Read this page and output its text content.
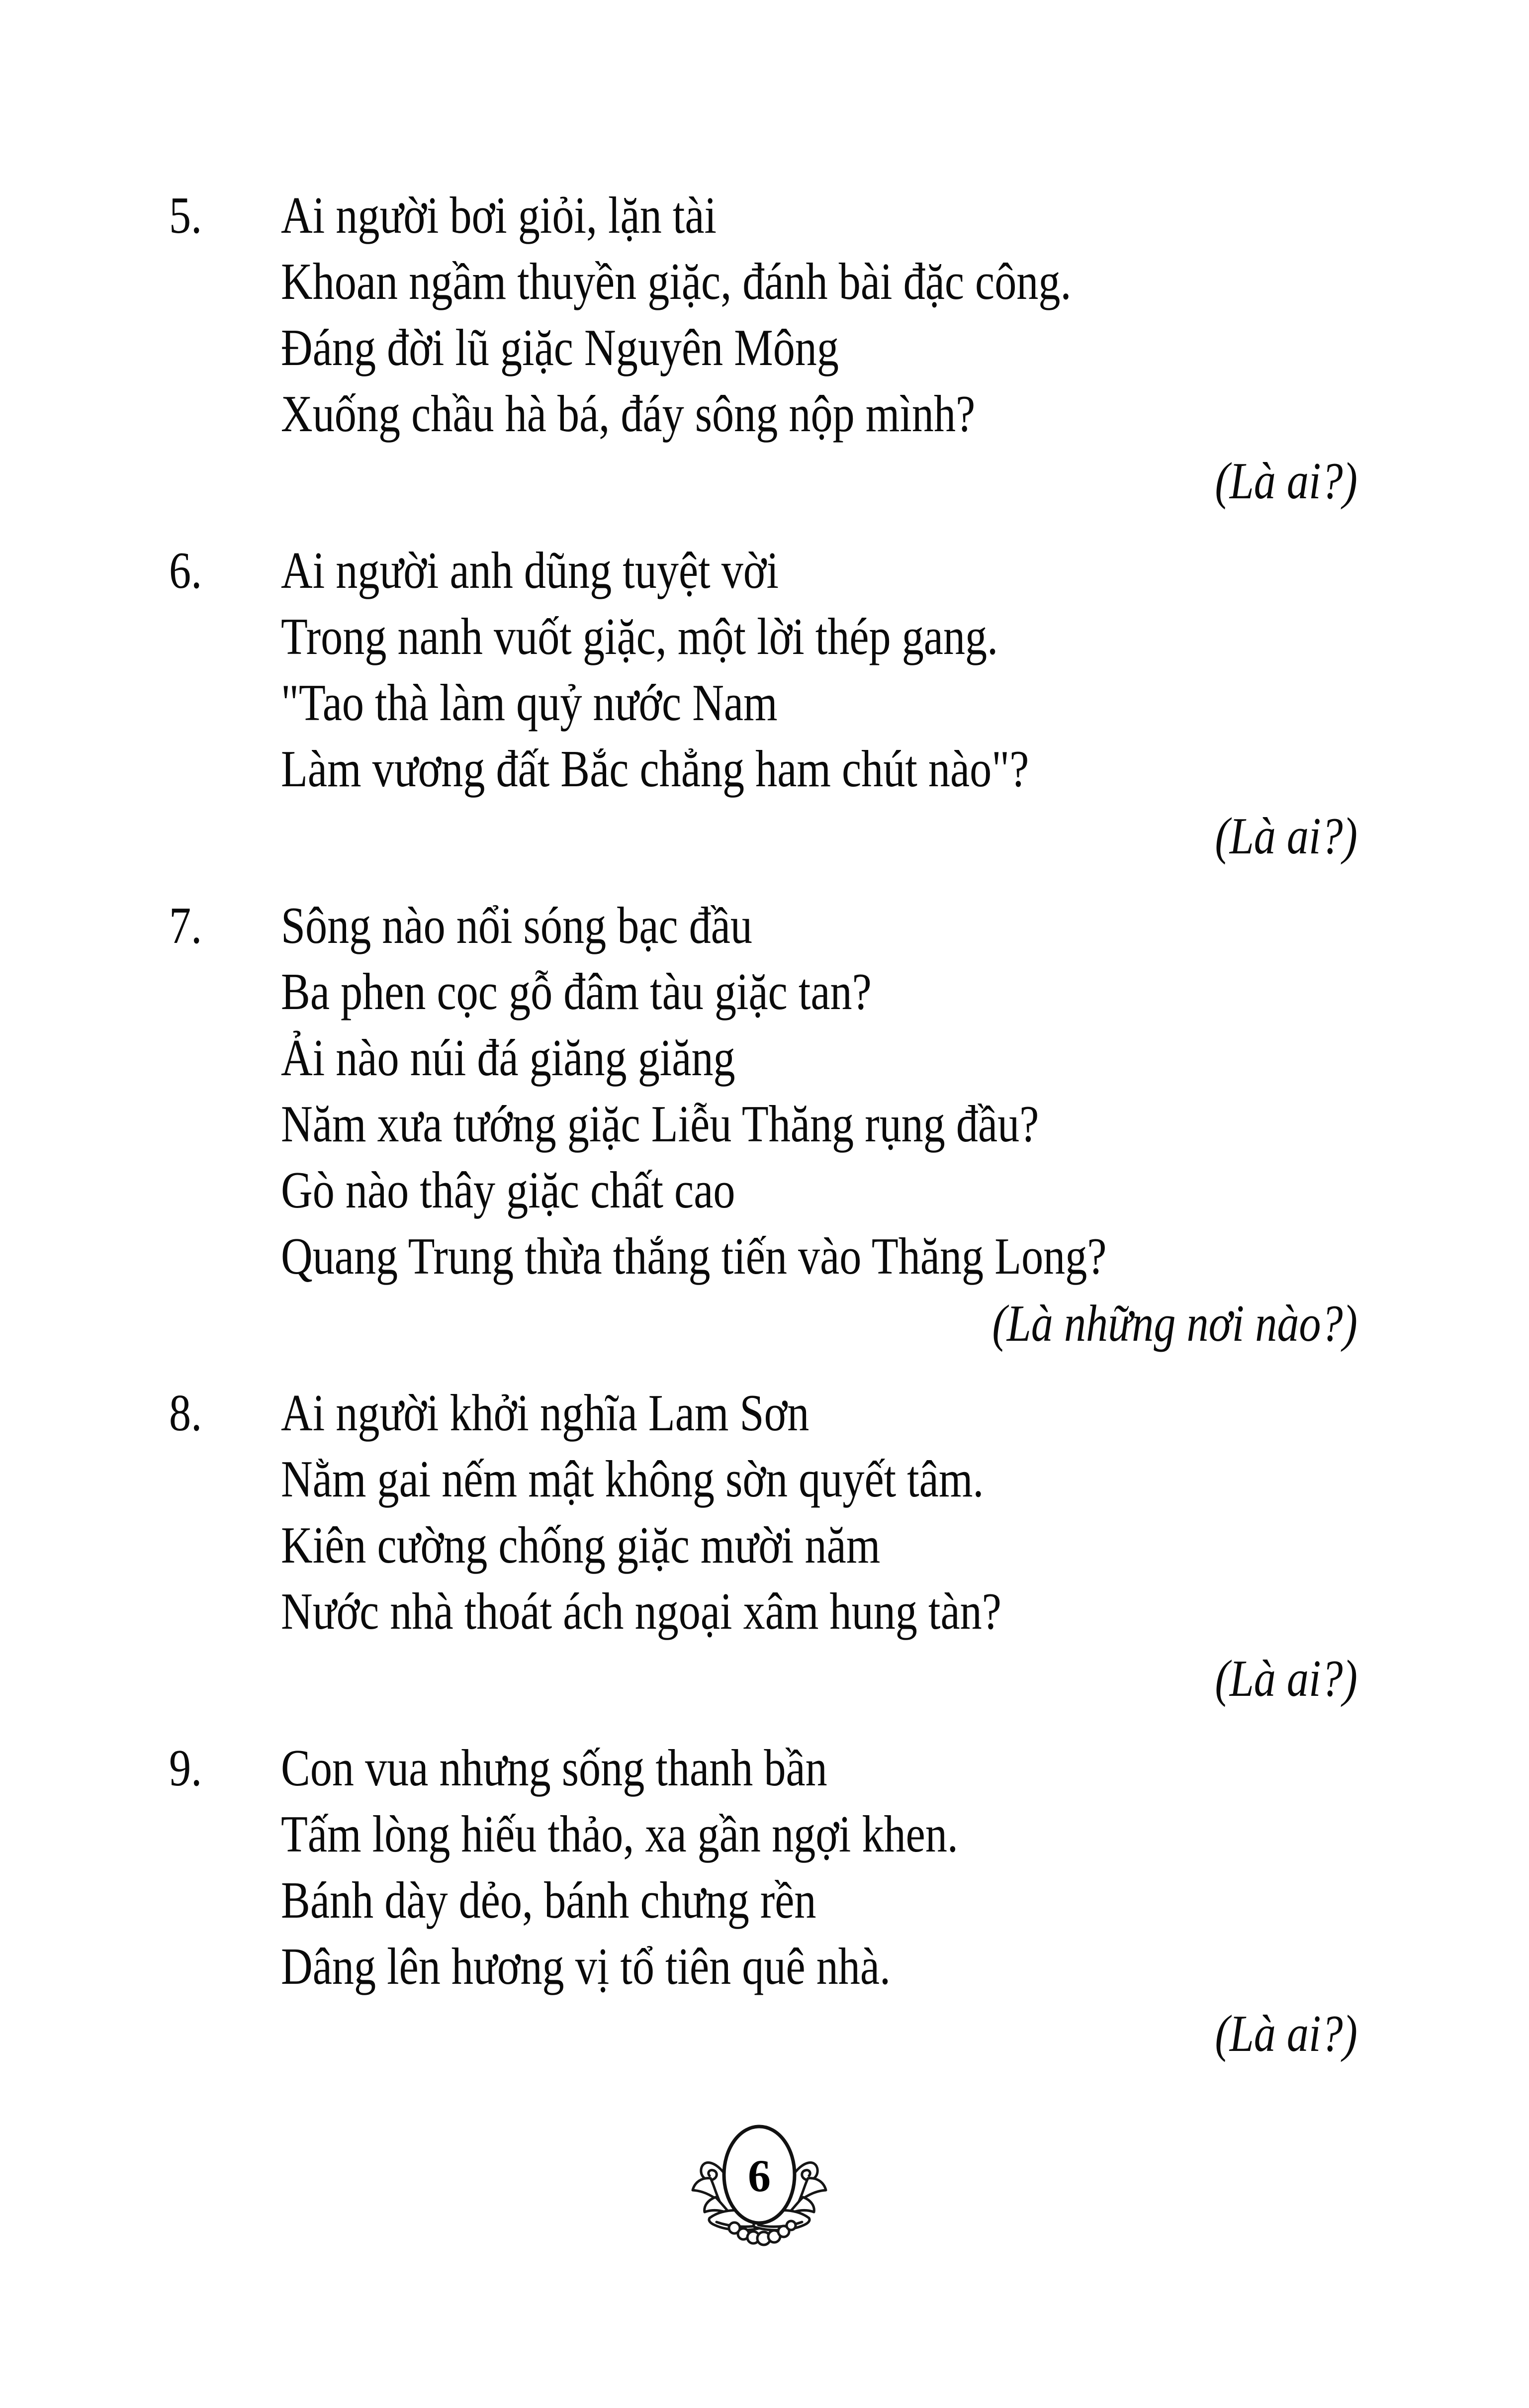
5.	Ai người bơi giỏi, lặn tài
Khoan ngầm thuyền giặc, đánh bài đặc công.
Đáng đời lũ giặc Nguyên Mông
Xuống chầu hà bá, đáy sông nộp mình?
(Là ai?)
6.	Ai người anh dũng tuyệt vời
Trong nanh vuốt giặc, một lời thép gang.
"Tao thà làm quỷ nước Nam
Làm vương đất Bắc chẳng ham chút nào"?
(Là ai?)
7.	Sông nào nổi sóng bạc đầu
Ba phen cọc gỗ đâm tàu giặc tan?
Ải nào núi đá giăng giăng
Năm xưa tướng giặc Liễu Thăng rụng đầu?
Gò nào thây giặc chất cao
Quang Trung thừa thắng tiến vào Thăng Long?
(Là những nơi nào?)
8.	Ai người khởi nghĩa Lam Sơn
Nằm gai nếm mật không sờn quyết tâm.
Kiên cường chống giặc mười năm
Nước nhà thoát ách ngoại xâm hung tàn?
(Là ai?)
9.	Con vua nhưng sống thanh bần
Tấm lòng hiếu thảo, xa gần ngợi khen.
Bánh dày dẻo, bánh chưng rền
Dâng lên hương vị tổ tiên quê nhà.
(Là ai?)
6
